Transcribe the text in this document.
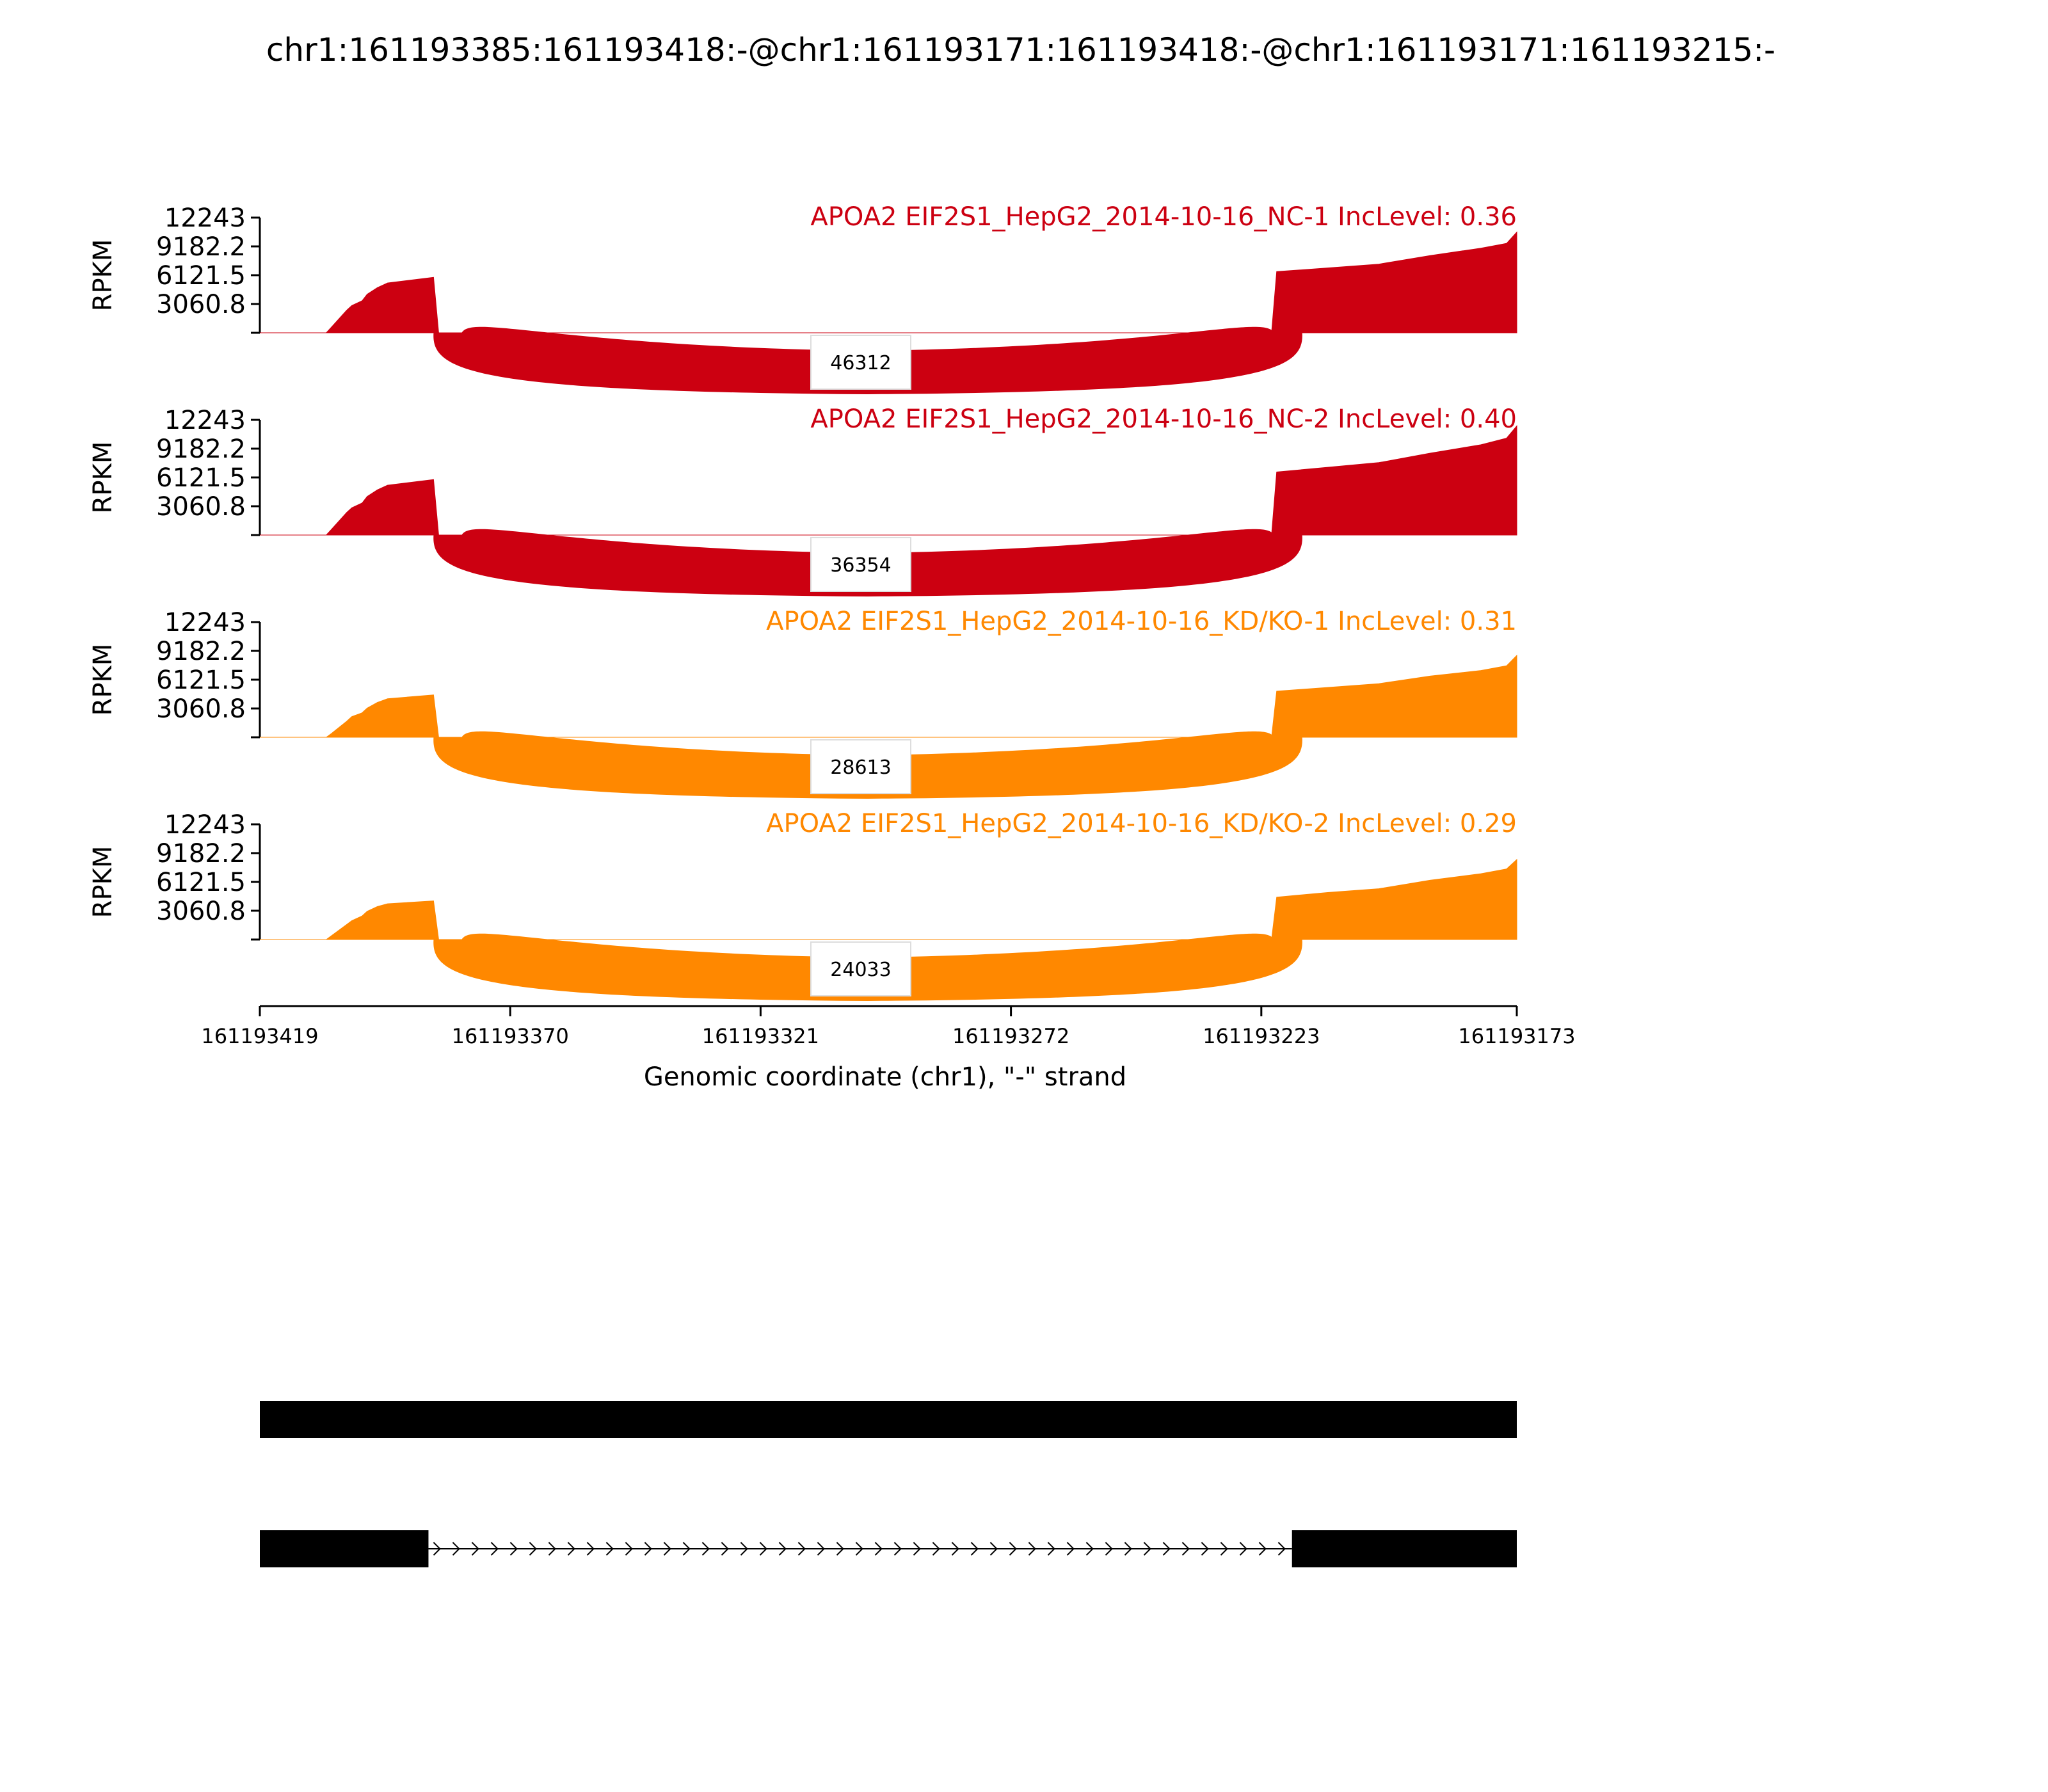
chr1:161193385:161193418:-@chr1:161193171:161193418:-@chr1:161193171:161193215:-
12243
9182.2
6121.5
3060.8
RPKM
46312
APOA2 EIF2S1_HepG2_2014-10-16_NC-1 IncLevel: 0.36
12243
9182.2
6121.5
3060.8
RPKM
36354
APOA2 EIF2S1_HepG2_2014-10-16_NC-2 IncLevel: 0.40
12243
9182.2
6121.5
3060.8
RPKM
28613
APOA2 EIF2S1_HepG2_2014-10-16_KD/KO-1 IncLevel: 0.31
12243
9182.2
6121.5
3060.8
RPKM
24033
APOA2 EIF2S1_HepG2_2014-10-16_KD/KO-2 IncLevel: 0.29
161193419	161193370	161193321	161193272	161193223	161193173
Genomic coordinate (chr1), "-" strand
